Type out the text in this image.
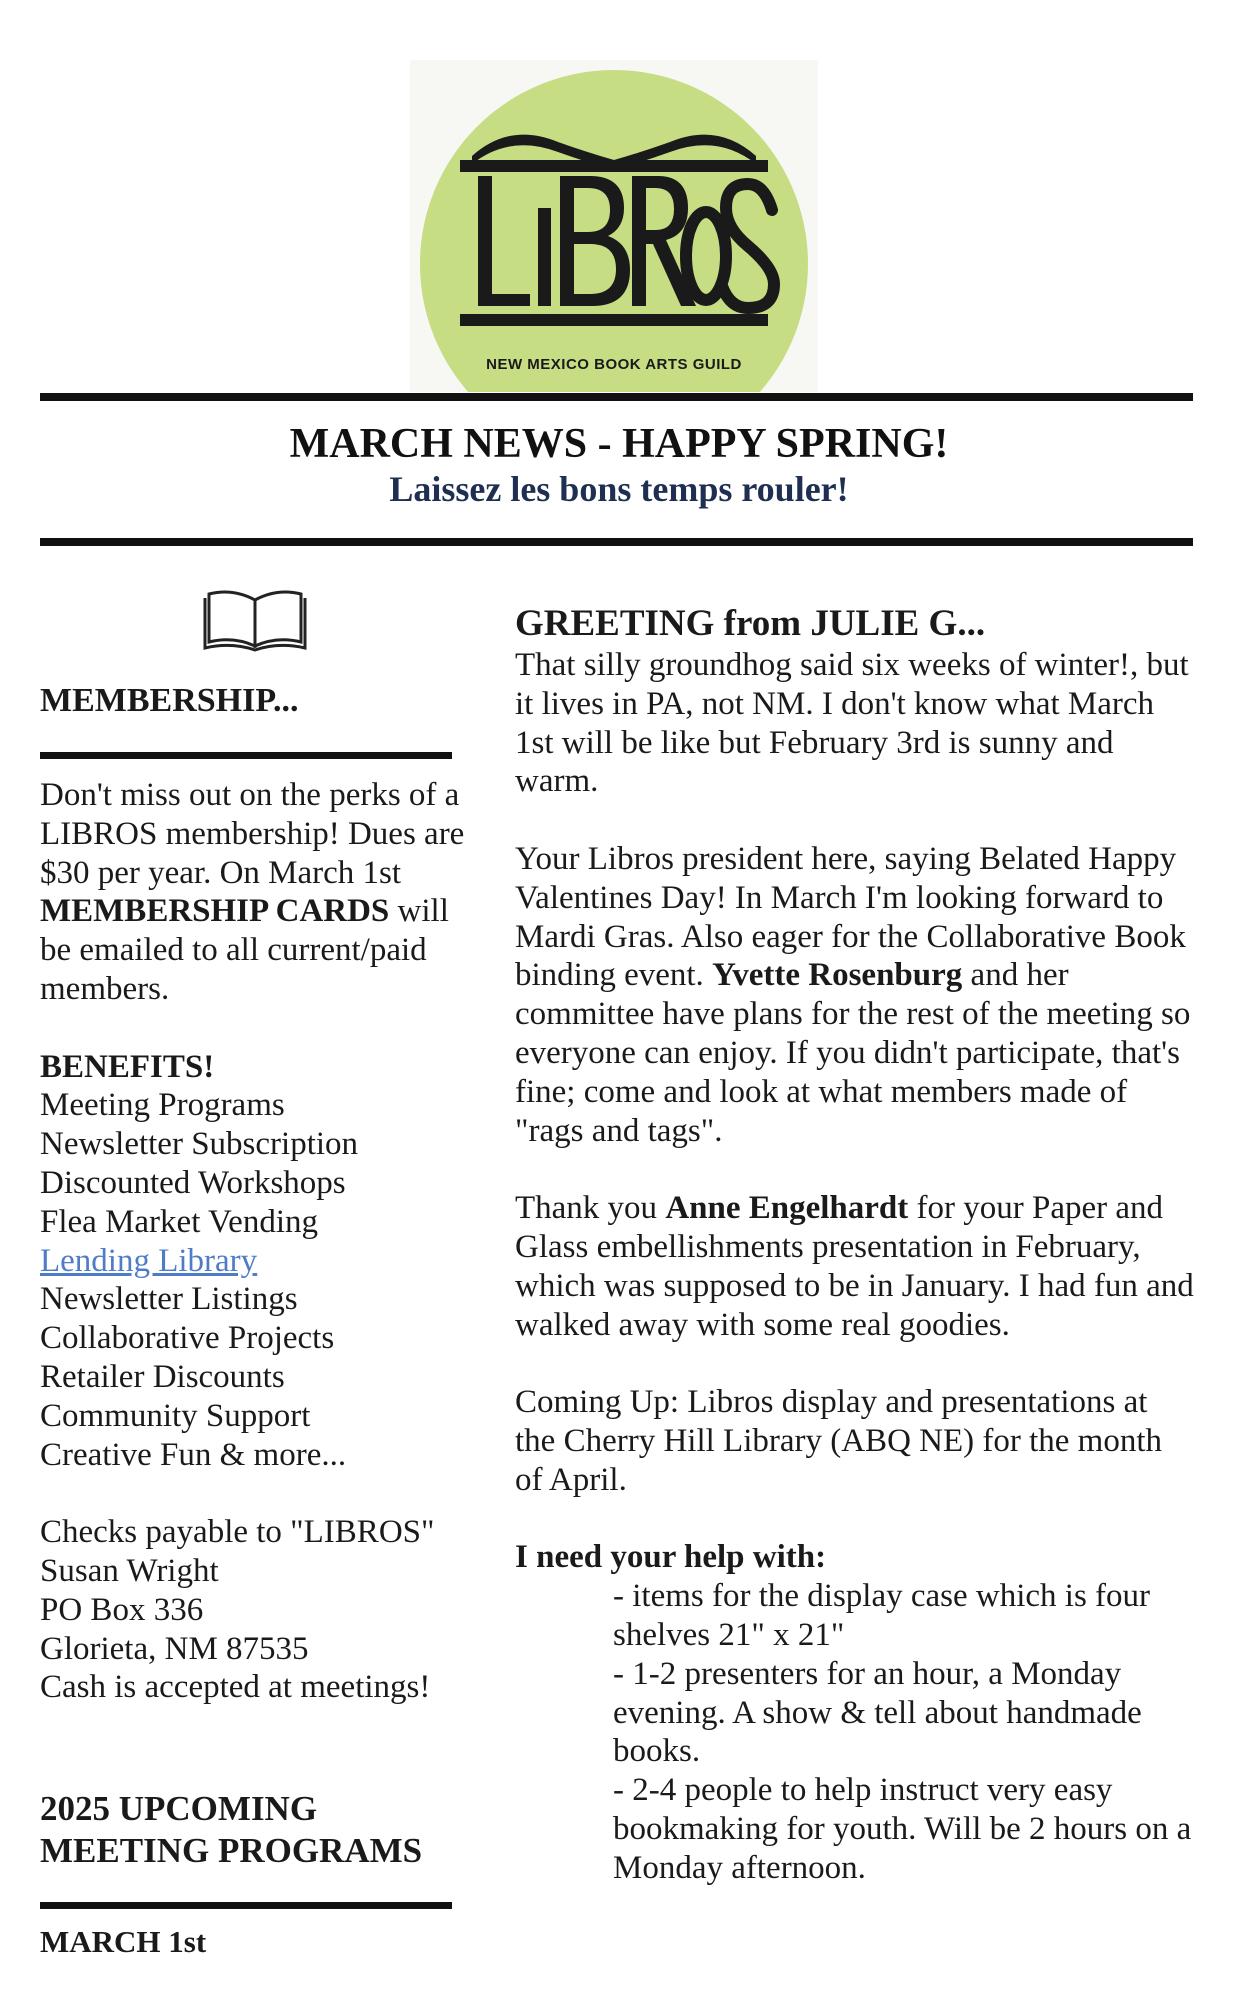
NEW MEXICO BOOK ARTS GUILD
MARCH NEWS - HAPPY SPRING!
Laissez les bons temps rouler!
MEMBERSHIP...

Don't miss out on the perks of a LIBROS membership! Dues are $30 per year. On March 1st MEMBERSHIP CARDS will be emailed to all current/paid members.

BENEFITS!

Meeting Programs

Newsletter Subscription

Discounted Workshops

Flea Market Vending

Lending Library

Newsletter Listings

Collaborative Projects

Retailer Discounts

Community Support

Creative Fun & more...

Checks payable to "LIBROS"

Susan Wright

PO Box 336

Glorieta, NM 87535

Cash is accepted at meetings!

2025 UPCOMING MEETING PROGRAMS
MARCH 1st

GREETING from JULIE G...

That silly groundhog said six weeks of winter!, but it lives in PA, not NM. I don't know what March 1st will be like but February 3rd is sunny and warm.

Your Libros president here, saying Belated Happy Valentines Day! In March I'm looking forward to Mardi Gras. Also eager for the Collaborative Book binding event. Yvette Rosenburg and her committee have plans for the rest of the meeting so everyone can enjoy. If you didn't participate, that's fine; come and look at what members made of "rags and tags".

Thank you Anne Engelhardt for your Paper and Glass embellishments presentation in February, which was supposed to be in January. I had fun and walked away with some real goodies.

Coming Up: Libros display and presentations at the Cherry Hill Library (ABQ NE) for the month of April.

I need your help with:

- items for the display case which is four shelves 21" x 21"

- 1-2 presenters for an hour, a Monday evening. A show & tell about handmade books.

- 2-4 people to help instruct very easy bookmaking for youth. Will be 2 hours on a Monday afternoon.
